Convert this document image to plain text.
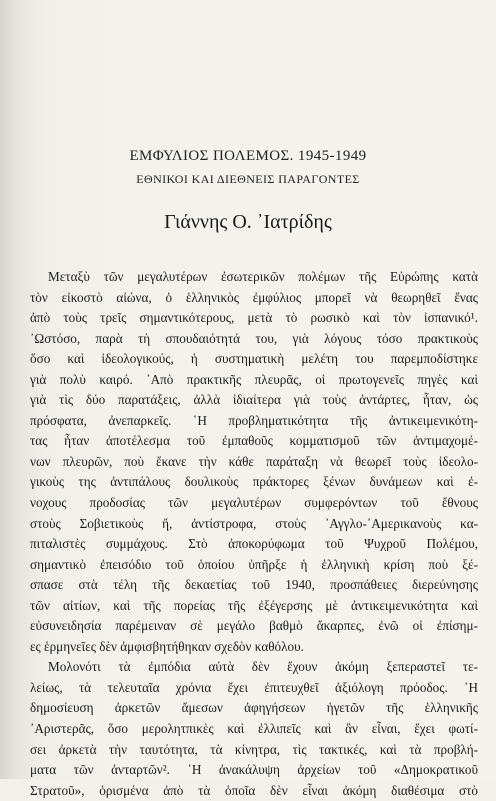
ΕΜΦΥΛΙΟΣ ΠΟΛΕΜΟΣ. 1945-1949
ΕΘΝΙΚΟΙ ΚΑΙ ΔΙΕΘΝΕΙΣ ΠΑΡΑΓΟΝΤΕΣ
Γιάννης Ο. ᾿Ιατρίδης
Μεταξὺ τῶν μεγαλυτέρων ἐσωτερικῶν πολέμων τῆς Εὐρώπης κατὰ
τὸν εἰκοστὸ αἰώνα, ὁ ἑλληνικὸς ἐμφύλιος μπορεῖ νὰ θεωρηθεῖ ἕνας
ἀπὸ τοὺς τρεῖς σημαντικότερους, μετὰ τὸ ρωσικὸ καὶ τὸν ἰσπανικό¹.
᾿Ωστόσο, παρὰ τὴ σπουδαιότητά του, γιὰ λόγους τόσο πρακτικοὺς
ὅσο καὶ ἰδεολογικούς, ἡ συστηματικὴ μελέτη του παρεμποδίστηκε
γιὰ πολὺ καιρό. ᾿Απὸ πρακτικῆς πλευρᾶς, οἱ πρωτογενεῖς πηγὲς καὶ
γιὰ τὶς δύο παρατάξεις, ἀλλὰ ἰδιαίτερα γιὰ τοὺς ἀντάρτες, ἦταν, ὡς
πρόσφατα, ἀνεπαρκεῖς. ῾Η προβληματικότητα τῆς ἀντικειμενικότη-
τας ἦταν ἀποτέλεσμα τοῦ ἐμπαθοῦς κομματισμοῦ τῶν ἀντιμαχομέ-
νων πλευρῶν, ποὺ ἔκανε τὴν κάθε παράταξη νὰ θεωρεῖ τοὺς ἰδεολο-
γικοὺς της ἀντιπάλους δουλικοὺς πράκτορες ξένων δυνάμεων καὶ ἐ-
νοχους προδοσίας τῶν μεγαλυτέρων συμφερόντων τοῦ ἔθνους
στοὺς Σοβιετικοὺς ἤ, ἀντίστροφα, στοὺς ᾿Αγγλο-᾿Αμερικανοὺς κα-
πιταλιστὲς συμμάχους. Στὸ ἀποκορύφωμα τοῦ Ψυχροῦ Πολέμου,
σημαντικὸ ἐπεισόδιο τοῦ ὁποίου ὑπῆρξε ἡ ἑλληνικὴ κρίση ποὺ ξέ-
σπασε στὰ τέλη τῆς δεκαετίας τοῦ 1940, προσπάθειες διερεύνησης
τῶν αἰτίων, καὶ τῆς πορείας τῆς ἐξέγερσης μὲ ἀντικειμενικότητα καὶ
εὐσυνειδησία παρέμειναν σὲ μεγάλο βαθμὸ ἄκαρπες, ἐνῶ οἱ ἐπίσημ-
ες ἑρμηνεῖες δὲν ἀμφισβητήθηκαν σχεδὸν καθόλου.
Μολονότι τὰ ἐμπόδια αὐτὰ δὲν ἔχουν ἀκόμη ξεπεραστεῖ τε-
λείως, τὰ τελευταῖα χρόνια ἔχει ἐπιτευχθεῖ ἀξιόλογη πρόοδος. ῾Η
δημοσίευση ἀρκετῶν ἄμεσων ἀφηγήσεων ἡγετῶν τῆς ἑλληνικῆς
᾿Αριστερᾶς, ὅσο μερολητπικὲς καὶ ἐλλιπεῖς καὶ ἂν εἶναι, ἔχει φωτί-
σει ἀρκετὰ τὴν ταυτότητα, τὰ κίνητρα, τὶς τακτικές, καὶ τὰ προβλή-
ματα τῶν ἀνταρτῶν². ῾Η ἀνακάλυψη ἀρχείων τοῦ «Δημοκρατικοῦ
Στρατοῦ», ὁρισμένα ἀπὸ τὰ ὁποῖα δὲν εἶναι ἀκόμη διαθέσιμα στὸ
